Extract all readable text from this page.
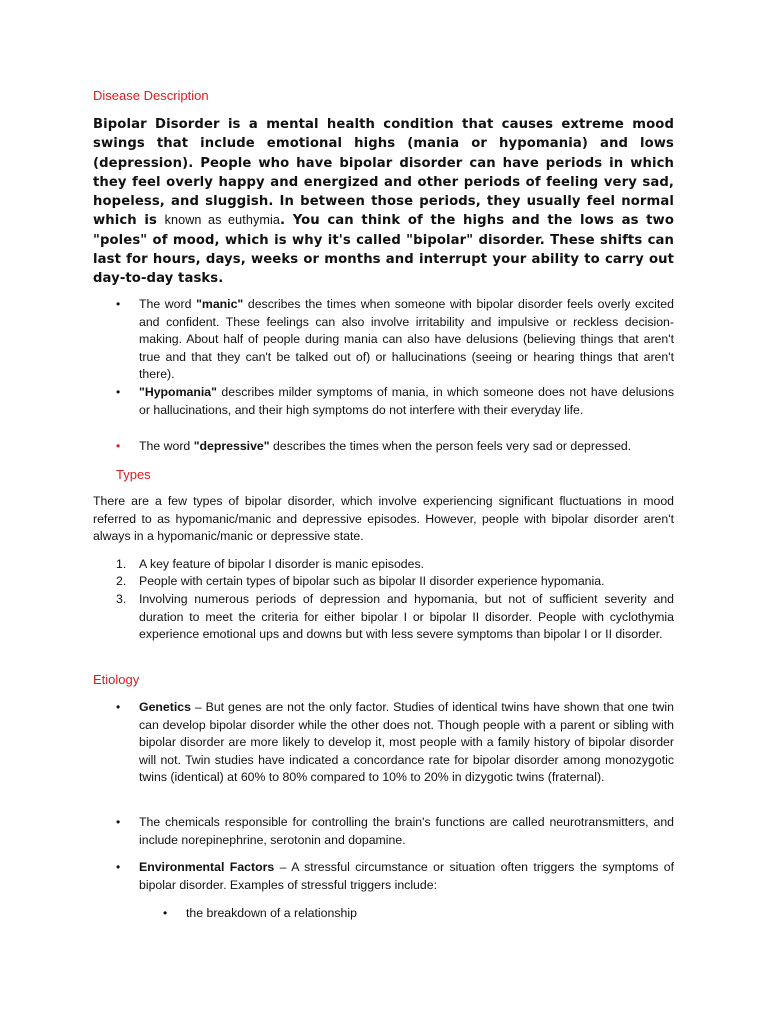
Disease Description
Bipolar Disorder is a mental health condition that causes extreme mood swings that include emotional highs (mania or hypomania) and lows (depression). People who have bipolar disorder can have periods in which they feel overly happy and energized and other periods of feeling very sad, hopeless, and sluggish. In between those periods, they usually feel normal which is known as euthymia. You can think of the highs and the lows as two "poles" of mood, which is why it's called "bipolar" disorder. These shifts can last for hours, days, weeks or months and interrupt your ability to carry out day-to-day tasks.
• The word "manic" describes the times when someone with bipolar disorder feels overly excited and confident. These feelings can also involve irritability and impulsive or reckless decision-making. About half of people during mania can also have delusions (believing things that aren't true and that they can't be talked out of) or hallucinations (seeing or hearing things that aren't there).
• "Hypomania" describes milder symptoms of mania, in which someone does not have delusions or hallucinations, and their high symptoms do not interfere with their everyday life.
• The word "depressive" describes the times when the person feels very sad or depressed.
Types
There are a few types of bipolar disorder, which involve experiencing significant fluctuations in mood referred to as hypomanic/manic and depressive episodes. However, people with bipolar disorder aren't always in a hypomanic/manic or depressive state.
1. A key feature of bipolar I disorder is manic episodes.
2. People with certain types of bipolar such as bipolar II disorder experience hypomania.
3. Involving numerous periods of depression and hypomania, but not of sufficient severity and duration to meet the criteria for either bipolar I or bipolar II disorder. People with cyclothymia experience emotional ups and downs but with less severe symptoms than bipolar I or II disorder.
Etiology
• Genetics – But genes are not the only factor. Studies of identical twins have shown that one twin can develop bipolar disorder while the other does not. Though people with a parent or sibling with bipolar disorder are more likely to develop it, most people with a family history of bipolar disorder will not. Twin studies have indicated a concordance rate for bipolar disorder among monozygotic twins (identical) at 60% to 80% compared to 10% to 20% in dizygotic twins (fraternal).
• The chemicals responsible for controlling the brain's functions are called neurotransmitters, and include norepinephrine, serotonin and dopamine.
• Environmental Factors – A stressful circumstance or situation often triggers the symptoms of bipolar disorder. Examples of stressful triggers include:
• the breakdown of a relationship
